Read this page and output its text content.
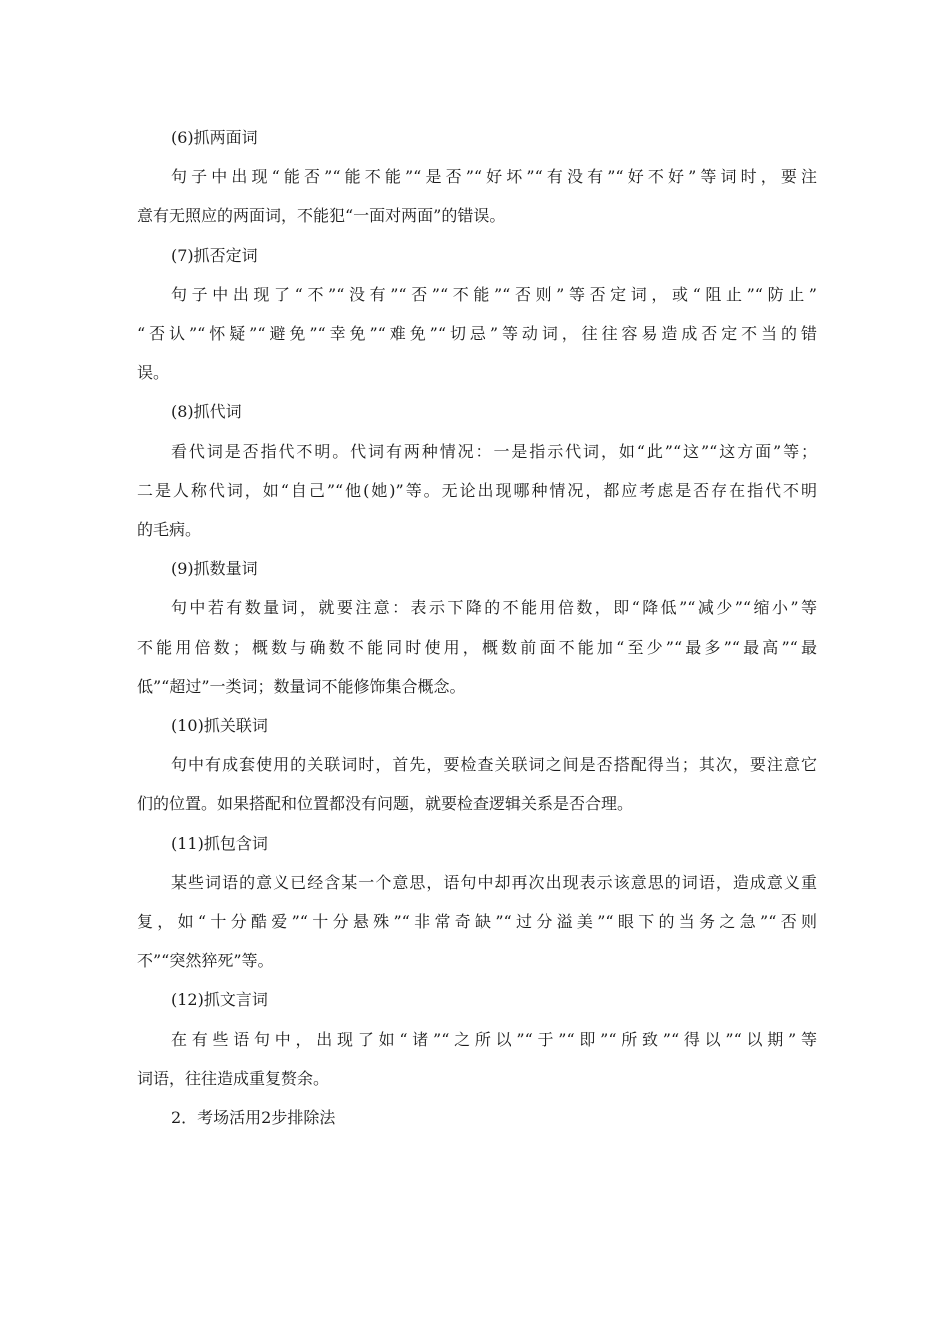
(6)抓两面词
句子中出现“能否”“能不能”“是否”“好坏”“有没有”“好不好”等词时，要注
意有无照应的两面词，不能犯“一面对两面”的错误。
(7)抓否定词
句子中出现了“不”“没有”“否”“不能”“否则”等否定词，或“阻止”“防止”
“否认”“怀疑”“避免”“幸免”“难免”“切忌”等动词，往往容易造成否定不当的错
误。
(8)抓代词
看代词是否指代不明。代词有两种情况：一是指示代词，如“此”“这”“这方面”等；
二是人称代词，如“自己”“他(她)”等。无论出现哪种情况，都应考虑是否存在指代不明
的毛病。
(9)抓数量词
句中若有数量词，就要注意：表示下降的不能用倍数，即“降低”“减少”“缩小”等
不能用倍数；概数与确数不能同时使用，概数前面不能加“至少”“最多”“最高”“最
低”“超过”一类词；数量词不能修饰集合概念。
(10)抓关联词
句中有成套使用的关联词时，首先，要检查关联词之间是否搭配得当；其次，要注意它
们的位置。如果搭配和位置都没有问题，就要检查逻辑关系是否合理。
(11)抓包含词
某些词语的意义已经含某一个意思，语句中却再次出现表示该意思的词语，造成意义重
复，如“十分酷爱”“十分悬殊”“非常奇缺”“过分溢美”“眼下的当务之急”“否则
不”“突然猝死”等。
(12)抓文言词
在有些语句中，出现了如“诸”“之所以”“于”“即”“所致”“得以”“以期”等
词语，往往造成重复赘余。
2．考场活用2步排除法
